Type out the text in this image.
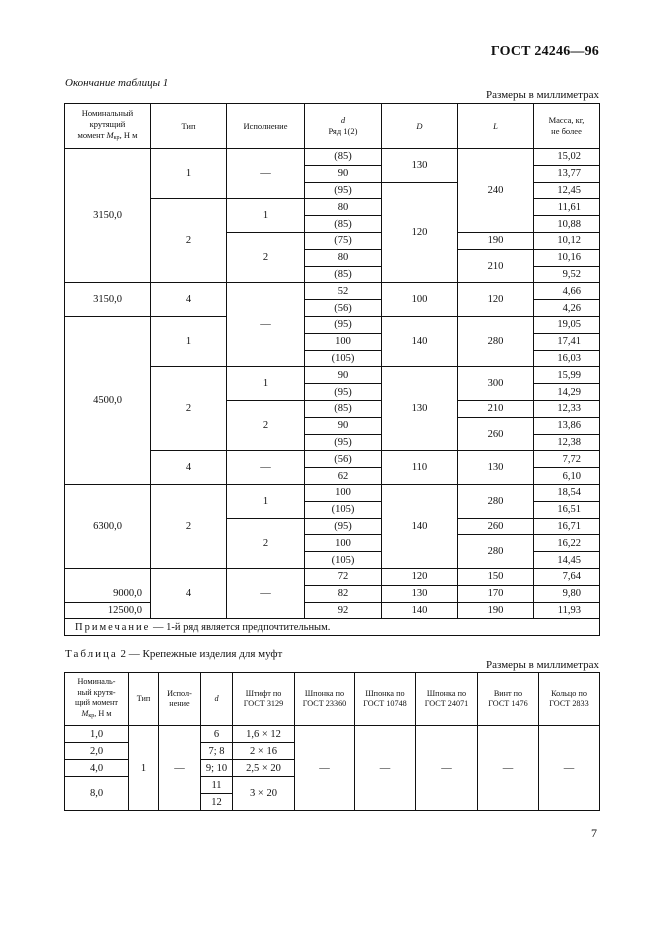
ГОСТ 24246—96
Окончание таблицы 1
Размеры в миллиметрах
Номинальный
крутящий
момент Mкр, Н м	Тип	Исполнение	d
Ряд 1(2)	D	L	Масса, кг,
не более
3150,0	1	—	(85)	130	240	15,02
			90			13,77
			(95)	120		12,45
	2	1	80			11,61
			(85)			10,88
		2	(75)		190	10,12
			80		210	10,16
			(85)			9,52
3150,0	4	—	52	100	120	4,66
			(56)			4,26
4500,0	1		(95)	140	280	19,05
			100			17,41
			(105)			16,03
	2	1	90	130	300	15,99
			(95)			14,29
		2	(85)		210	12,33
			90		260	13,86
			(95)			12,38
	4	—	(56)	110	130	7,72
			62			6,10
6300,0	2	1	100	140	280	18,54
			(105)			16,51
		2	(95)		260	16,71
			100		280	16,22
			(105)			14,45
	4	—	72	120	150	7,64
9000,0			82	130	170	9,80
12500,0			92	140	190	11,93
Примечание — 1-й ряд является предпочтительным.						
Таблица 2 — Крепежные изделия для муфт
Размеры в миллиметрах
Номиналь-
ный крутя-
щий момент
Mкр, Н м	Тип	Испол-
нение	d	Штифт по
ГОСТ 3129	Шпонка по
ГОСТ 23360	Шпонка по
ГОСТ 10748	Шпонка по
ГОСТ 24071	Винт по
ГОСТ 1476	Кольцо по
ГОСТ 2833
1,0	1	—	6	1,6 × 12	—	—	—	—	—
2,0			7; 8	2 × 16					
4,0			9; 10	2,5 × 20					
8,0			11	3 × 20					
			12						
7
